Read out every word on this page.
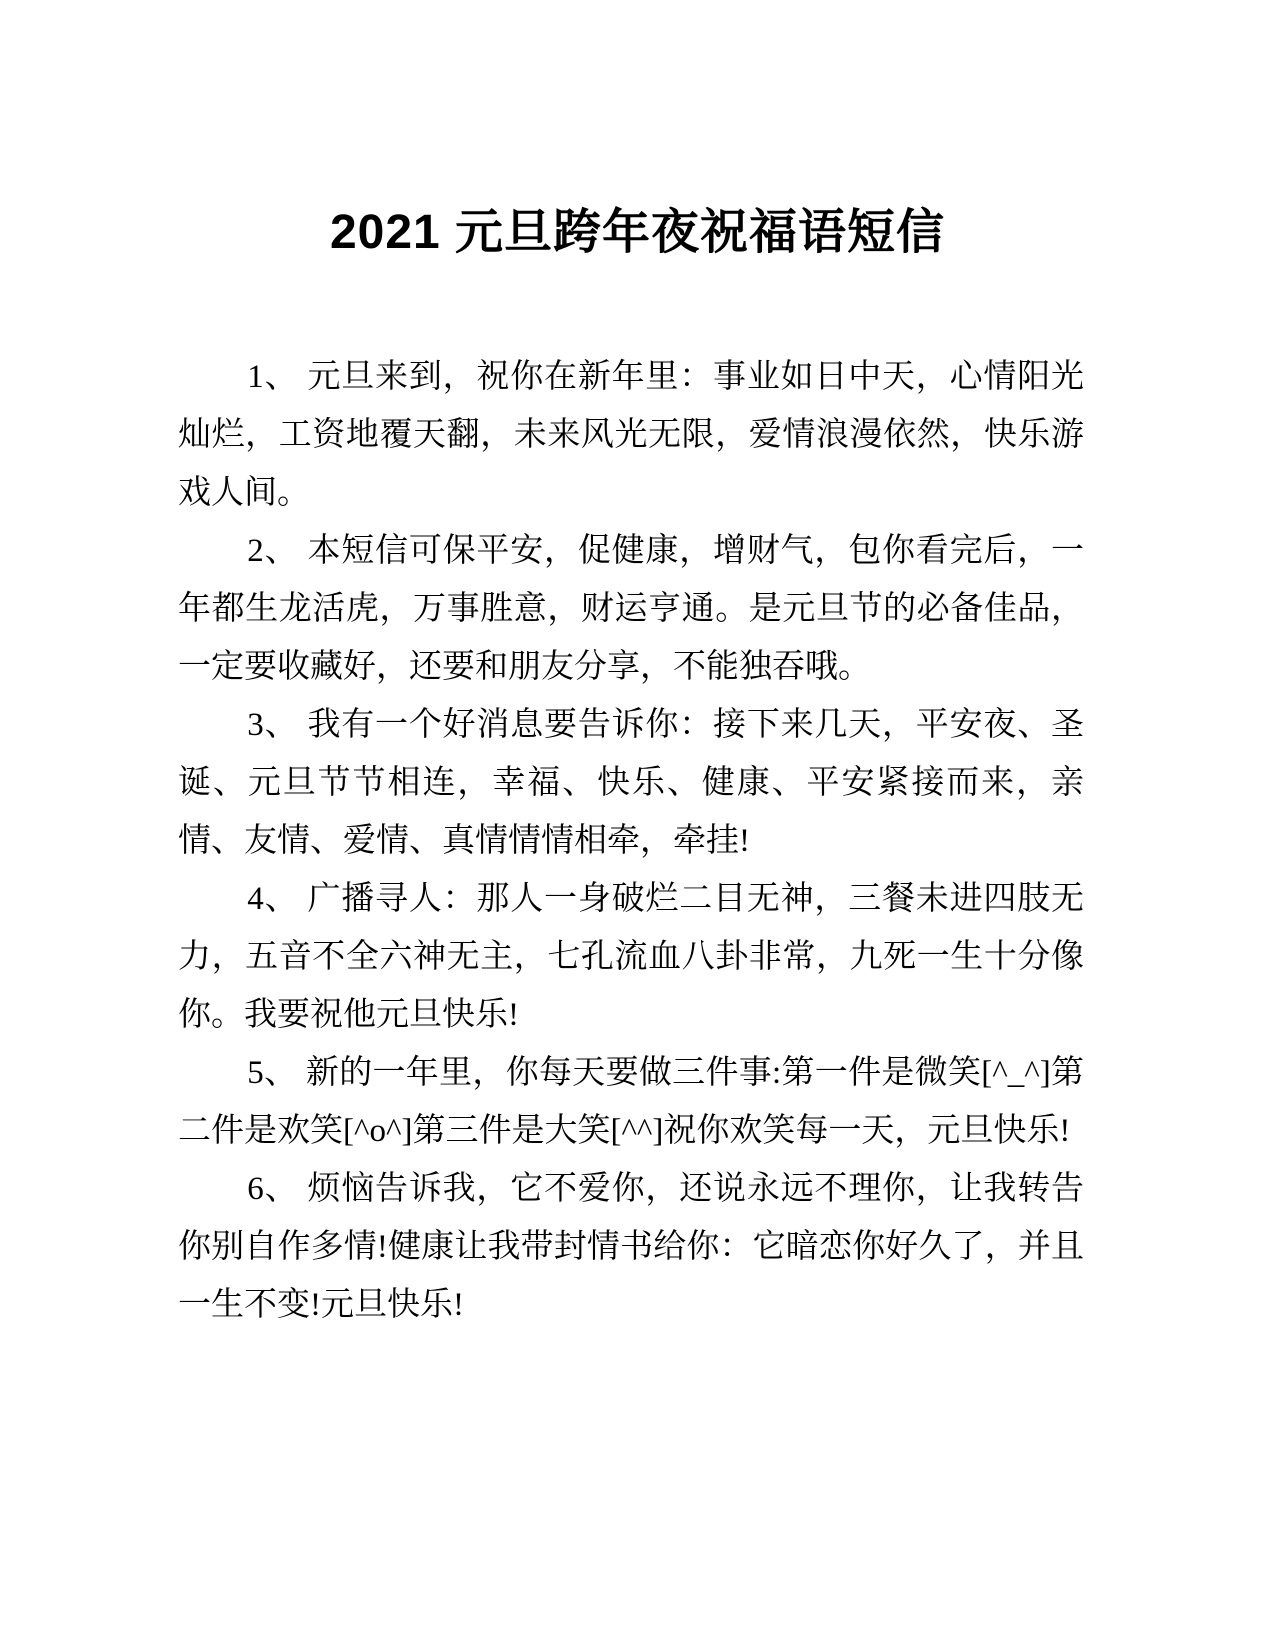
2021 元旦跨年夜祝福语短信

1、 元旦来到，祝你在新年里：事业如日中天，心情阳光灿烂，工资地覆天翻，未来风光无限，爱情浪漫依然，快乐游戏人间。

2、 本短信可保平安，促健康，增财气，包你看完后，一年都生龙活虎，万事胜意，财运亨通。是元旦节的必备佳品，一定要收藏好，还要和朋友分享，不能独吞哦。

3、 我有一个好消息要告诉你：接下来几天，平安夜、圣诞、元旦节节相连，幸福、快乐、健康、平安紧接而来，亲情、友情、爱情、真情情情相牵，牵挂!

4、 广播寻人：那人一身破烂二目无神，三餐未进四肢无力，五音不全六神无主，七孔流血八卦非常，九死一生十分像你。我要祝他元旦快乐!

5、 新的一年里，你每天要做三件事:第一件是微笑[^_^]第二件是欢笑[^o^]第三件是大笑[^^]祝你欢笑每一天，元旦快乐!

6、 烦恼告诉我，它不爱你，还说永远不理你，让我转告你别自作多情!健康让我带封情书给你：它暗恋你好久了，并且一生不变!元旦快乐!
